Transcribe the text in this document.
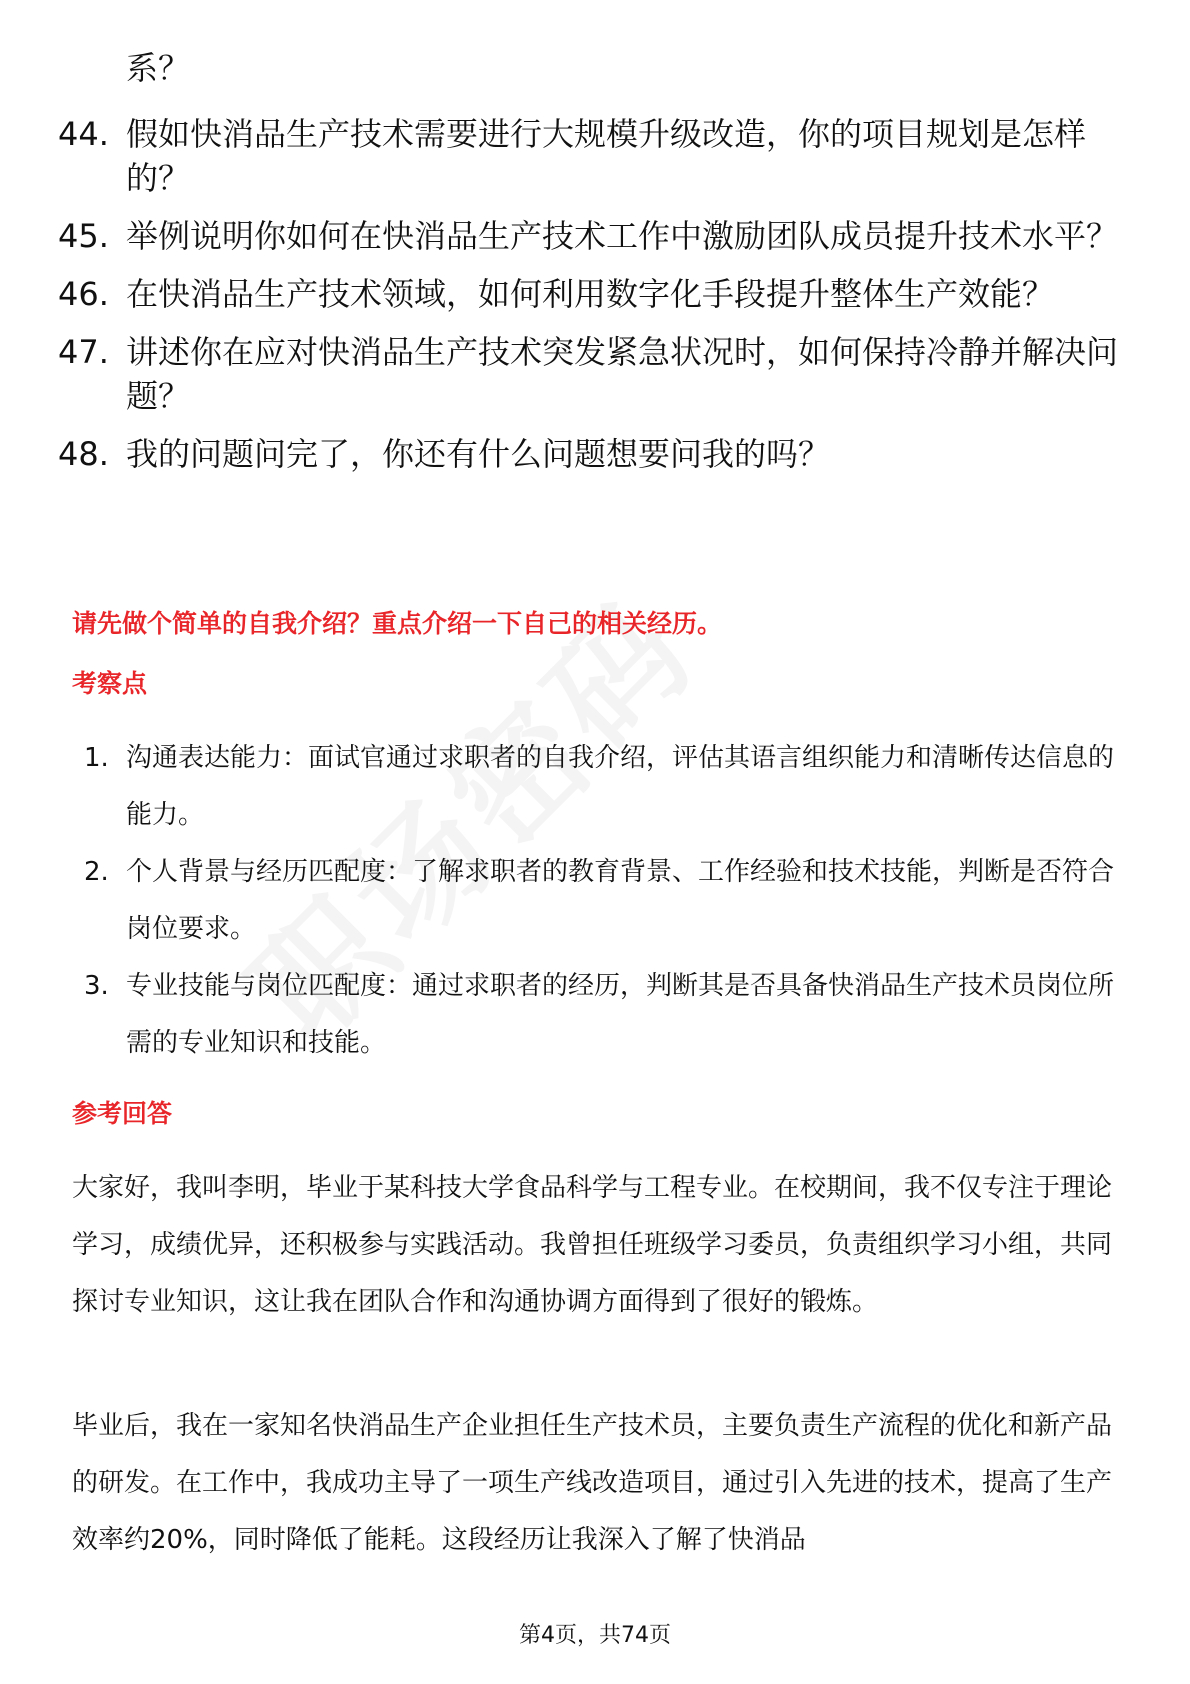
系？
44. 假如快消品生产技术需要进行大规模升级改造，你的项目规划是怎样的？
45. 举例说明你如何在快消品生产技术工作中激励团队成员提升技术水平？
46. 在快消品生产技术领域，如何利用数字化手段提升整体生产效能？
47. 讲述你在应对快消品生产技术突发紧急状况时，如何保持冷静并解决问题？
48. 我的问题问完了，你还有什么问题想要问我的吗？
请先做个简单的自我介绍？重点介绍一下自己的相关经历。
考察点
1. 沟通表达能力：面试官通过求职者的自我介绍，评估其语言组织能力和清晰传达信息的能力。
2. 个人背景与经历匹配度：了解求职者的教育背景、工作经验和技术技能，判断是否符合岗位要求。
3. 专业技能与岗位匹配度：通过求职者的经历，判断其是否具备快消品生产技术员岗位所需的专业知识和技能。
参考回答

大家好，我叫李明，毕业于某科技大学食品科学与工程专业。在校期间，我不仅专注于理论学习，成绩优异，还积极参与实践活动。我曾担任班级学习委员，负责组织学习小组，共同探讨专业知识，这让我在团队合作和沟通协调方面得到了很好的锻炼。

毕业后，我在一家知名快消品生产企业担任生产技术员，主要负责生产流程的优化和新产品的研发。在工作中，我成功主导了一项生产线改造项目，通过引入先进的技术，提高了生产效率约20%，同时降低了能耗。这段经历让我深入了解了快消品

第4页，共74页
